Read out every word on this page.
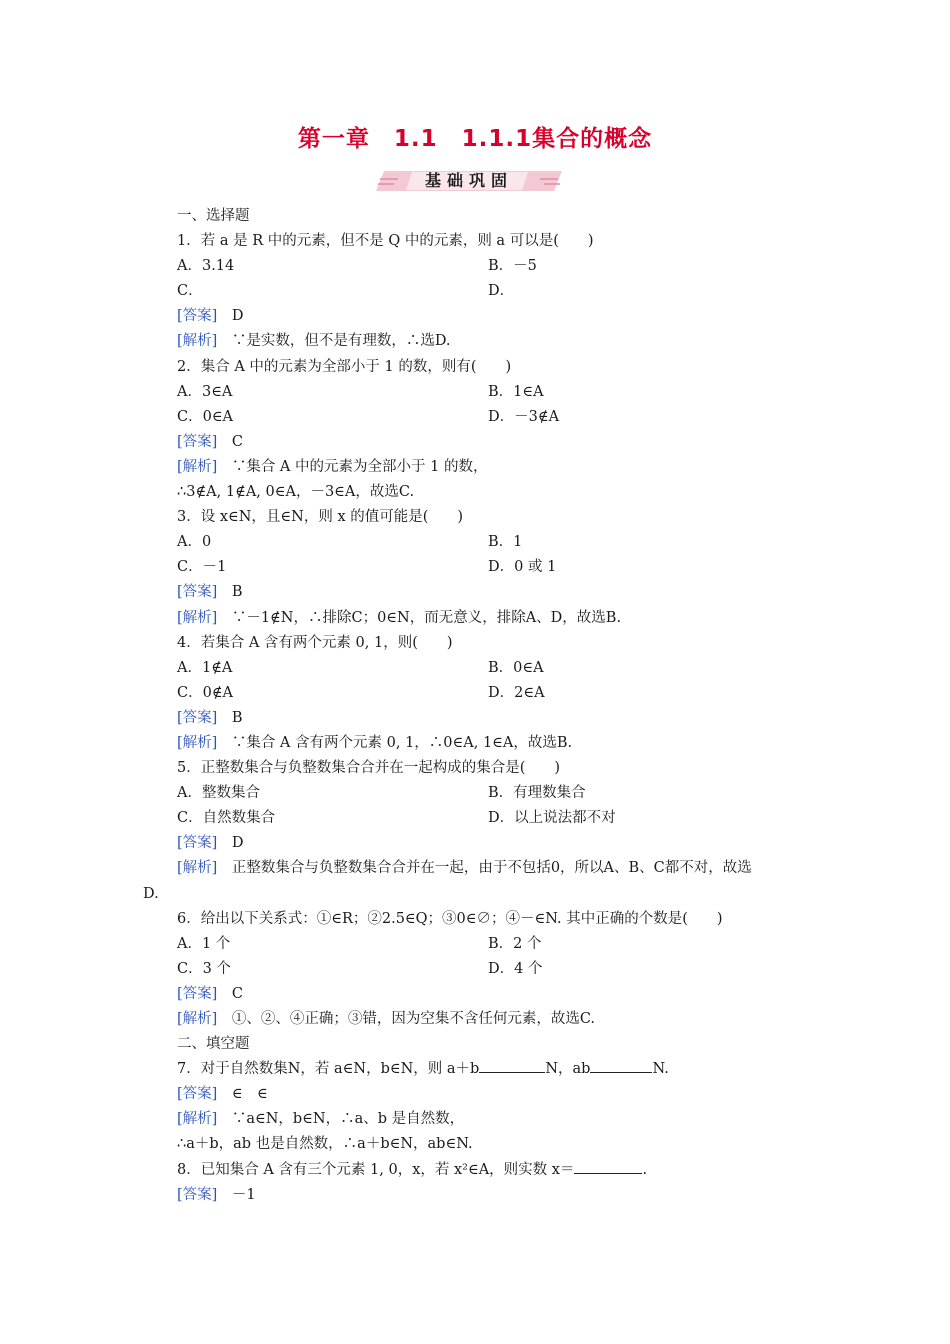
第一章　1.1　1.1.1集合的概念
基础巩固
一、选择题
1．若 a 是 R 中的元素，但不是 Q 中的元素，则 a 可以是(　　)
A．3.14	B．－5
C．	D．
[答案]　 D
[解析]　 ∵是实数，但不是有理数，∴选D.
2．集合 A 中的元素为全部小于 1 的数，则有(　　)
A．3∈A	B．1∈A
C．0∈A	D．－3∉A
[答案]　 C
[解析]　 ∵集合 A 中的元素为全部小于 1 的数，
∴3∉A, 1∉A, 0∈A，－3∈A，故选C.
3．设 x∈N，且∈N，则 x 的值可能是(　　)
A．0	B．1
C．－1	D．0 或 1
[答案]　 B
[解析]　 ∵－1∉N，∴排除C；0∈N，而无意义，排除A、D，故选B.
4．若集合 A 含有两个元素 0, 1，则(　　)
A．1∉A	B．0∈A
C．0∉A	D．2∈A
[答案]　 B
[解析]　 ∵集合 A 含有两个元素 0, 1，∴0∈A, 1∈A，故选B.
5．正整数集合与负整数集合合并在一起构成的集合是(　　)
A．整数集合	B．有理数集合
C．自然数集合	D．以上说法都不对
[答案]　 D
[解析]　 正整数集合与负整数集合合并在一起，由于不包括0，所以A、B、C都不对，故选
D.
6．给出以下关系式：①∈R；②2.5∈Q；③0∈∅；④－∈N. 其中正确的个数是(　　)
A．1 个	B．2 个
C．3 个	D．4 个
[答案]　 C
[解析]　 ①、②、④正确；③错，因为空集不含任何元素，故选C.
二、填空题
7．对于自然数集N，若 a∈N，b∈N，则 a＋b	N，ab	N.
[答案]　 ∈　∈
[解析]　 ∵a∈N，b∈N，∴a、b 是自然数，
∴a＋b，ab 也是自然数，∴a＋b∈N，ab∈N.
8．已知集合 A 含有三个元素 1, 0，x，若 x²∈A，则实数 x＝	.
[答案]　 －1
